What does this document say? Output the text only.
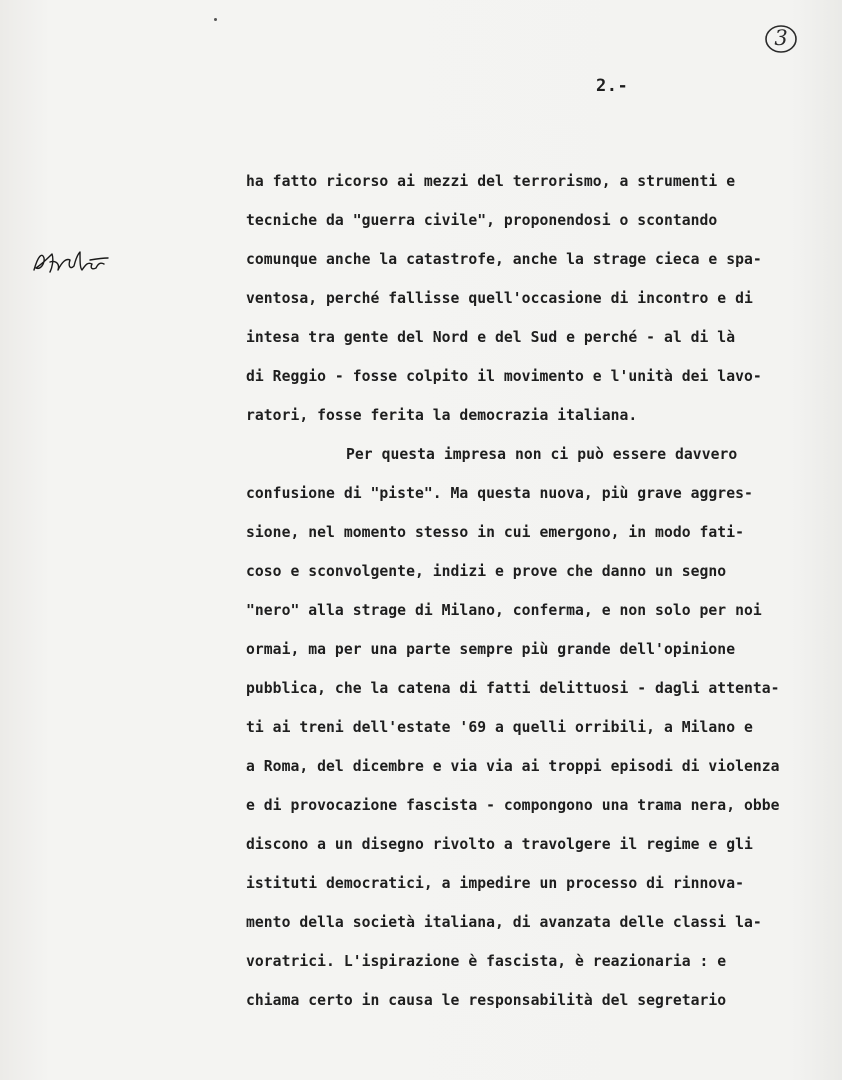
3
2.-
ha fatto ricorso ai mezzi del terrorismo, a strumenti e
tecniche da "guerra civile", proponendosi o scontando
comunque anche la catastrofe, anche la strage cieca e spa-
ventosa, perché fallisse quell'occasione di incontro e di
intesa tra gente del Nord e del Sud e perché - al di là
di Reggio - fosse colpito il movimento e l'unità dei lavo-
ratori, fosse ferita la democrazia italiana.
Per questa impresa non ci può essere davvero
confusione di "piste". Ma questa nuova, più grave aggres-
sione, nel momento stesso in cui emergono, in modo fati-
coso e sconvolgente, indizi e prove che danno un segno
"nero" alla strage di Milano, conferma, e non solo per noi
ormai, ma per una parte sempre più grande dell'opinione
pubblica, che la catena di fatti delittuosi - dagli attenta-
ti ai treni dell'estate '69 a quelli orribili, a Milano e
a Roma, del dicembre e via via ai troppi episodi di violenza
e di provocazione fascista - compongono una trama nera, obbe
discono a un disegno rivolto a travolgere il regime e gli
istituti democratici, a impedire un processo di rinnova-
mento della società italiana, di avanzata delle classi la-
voratrici. L'ispirazione è fascista, è reazionaria : e
chiama certo in causa le responsabilità del segretario
